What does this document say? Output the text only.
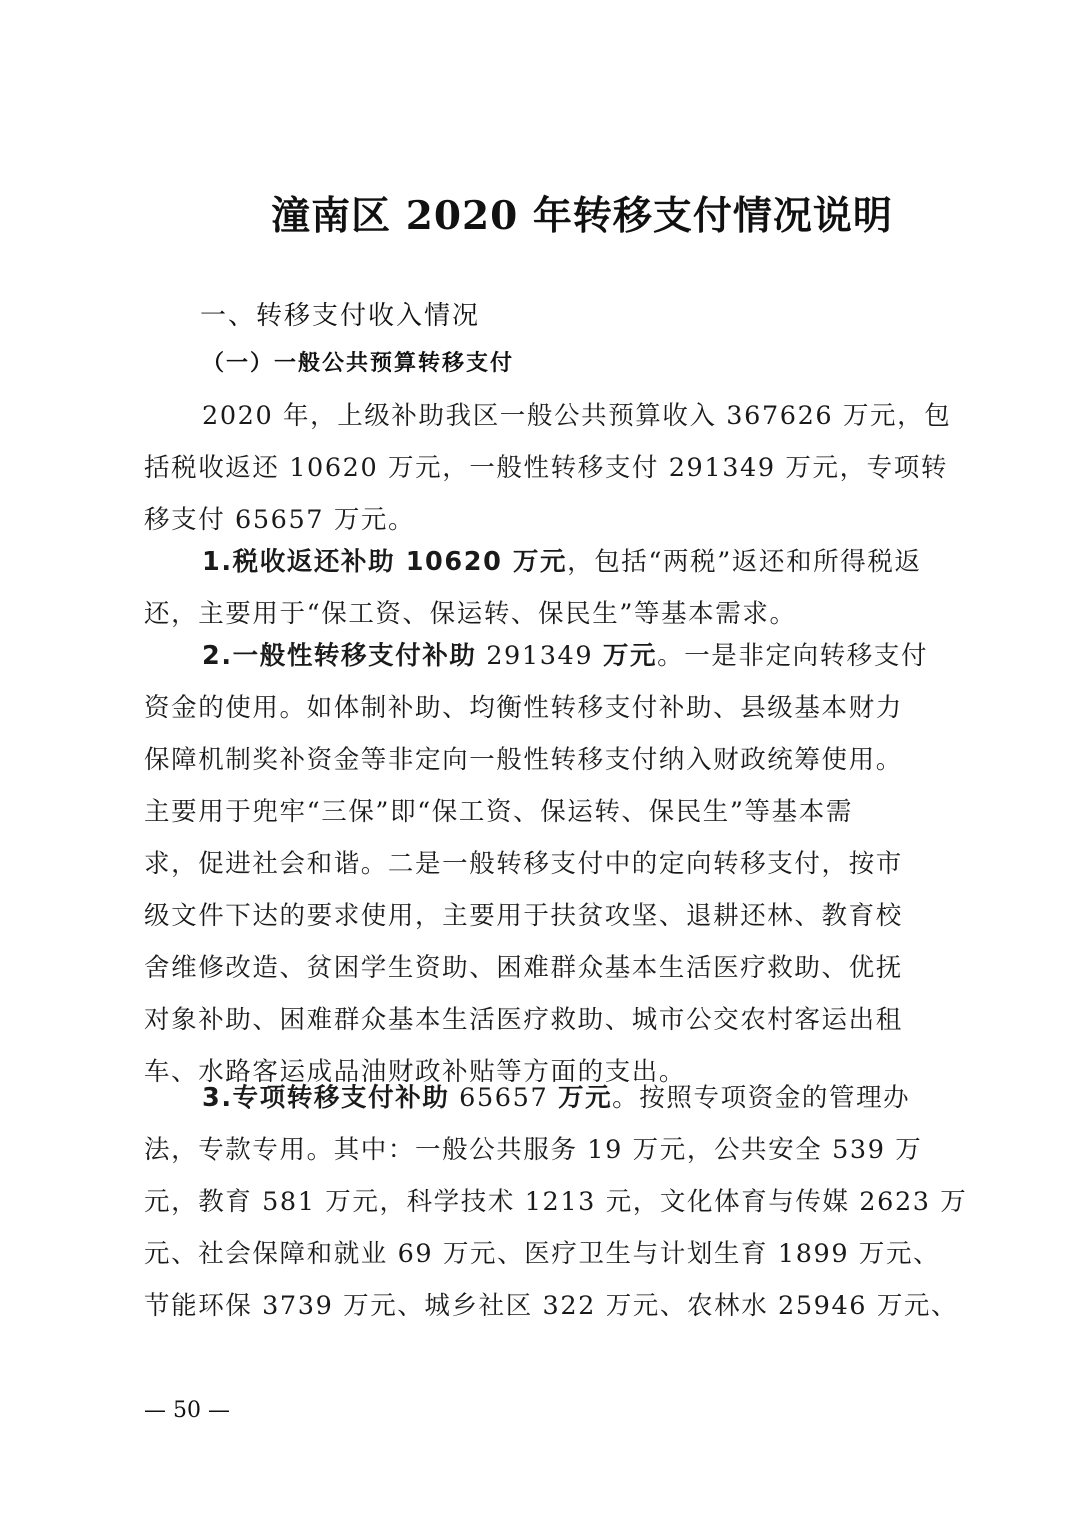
潼南区 2020 年转移支付情况说明
一、转移支付收入情况
（一）一般公共预算转移支付
2020 年，上级补助我区一般公共预算收入 367626 万元，包
括税收返还 10620 万元，一般性转移支付 291349 万元，专项转
移支付 65657 万元。
1.税收返还补助 10620 万元，包括“两税”返还和所得税返
还，主要用于“保工资、保运转、保民生”等基本需求。
2.一般性转移支付补助 291349 万元。一是非定向转移支付
资金的使用。如体制补助、均衡性转移支付补助、县级基本财力
保障机制奖补资金等非定向一般性转移支付纳入财政统筹使用。
主要用于兜牢“三保”即“保工资、保运转、保民生”等基本需
求，促进社会和谐。二是一般转移支付中的定向转移支付，按市
级文件下达的要求使用，主要用于扶贫攻坚、退耕还林、教育校
舍维修改造、贫困学生资助、困难群众基本生活医疗救助、优抚
对象补助、困难群众基本生活医疗救助、城市公交农村客运出租
车、水路客运成品油财政补贴等方面的支出。
3.专项转移支付补助 65657 万元。按照专项资金的管理办
法，专款专用。其中：一般公共服务 19 万元，公共安全 539 万
元，教育 581 万元，科学技术 1213 元，文化体育与传媒 2623 万
元、社会保障和就业 69 万元、医疗卫生与计划生育 1899 万元、
节能环保 3739 万元、城乡社区 322 万元、农林水 25946 万元、
— 50 —
